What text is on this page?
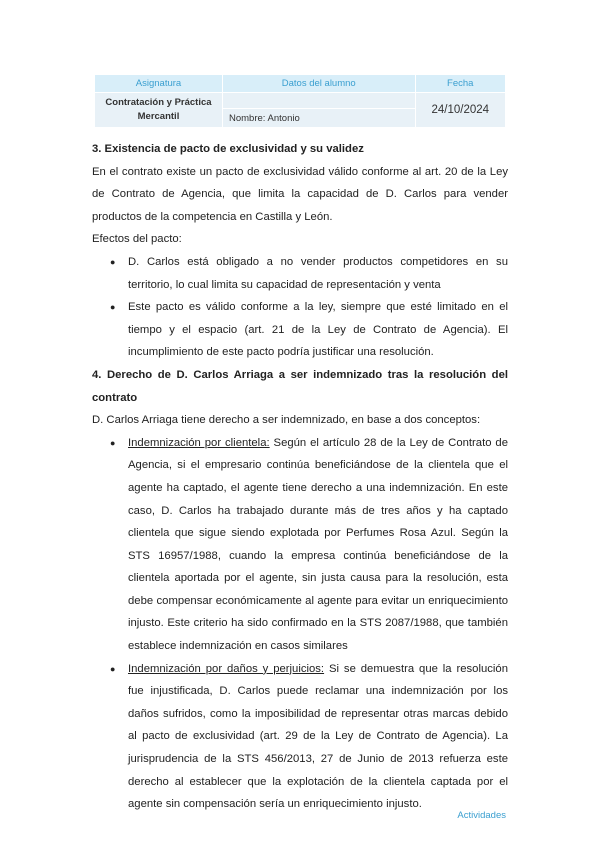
Asignatura	Datos del alumno	Fecha
Contratación y Práctica Mercantil		24/10/2024
	Nombre: Antonio	

3. Existencia de pacto de exclusividad y su validez

En el contrato existe un pacto de exclusividad válido conforme al art. 20 de la Ley de Contrato de Agencia, que limita la capacidad de D. Carlos para vender productos de la competencia en Castilla y León.

Efectos del pacto:

● D. Carlos está obligado a no vender productos competidores en su territorio, lo cual limita su capacidad de representación y venta
● Este pacto es válido conforme a la ley, siempre que esté limitado en el tiempo y el espacio (art. 21 de la Ley de Contrato de Agencia). El incumplimiento de este pacto podría justificar una resolución.

4. Derecho de D. Carlos Arriaga a ser indemnizado tras la resolución del contrato

D. Carlos Arriaga tiene derecho a ser indemnizado, en base a dos conceptos:

● Indemnización por clientela: Según el artículo 28 de la Ley de Contrato de Agencia, si el empresario continúa beneficiándose de la clientela que el agente ha captado, el agente tiene derecho a una indemnización. En este caso, D. Carlos ha trabajado durante más de tres años y ha captado clientela que sigue siendo explotada por Perfumes Rosa Azul. Según la STS 16957/1988, cuando la empresa continúa beneficiándose de la clientela aportada por el agente, sin justa causa para la resolución, esta debe compensar económicamente al agente para evitar un enriquecimiento injusto. Este criterio ha sido confirmado en la STS 2087/1988, que también establece indemnización en casos similares
● Indemnización por daños y perjuicios: Si se demuestra que la resolución fue injustificada, D. Carlos puede reclamar una indemnización por los daños sufridos, como la imposibilidad de representar otras marcas debido al pacto de exclusividad (art. 29 de la Ley de Contrato de Agencia). La jurisprudencia de la STS 456/2013, 27 de Junio de 2013 refuerza este derecho al establecer que la explotación de la clientela captada por el agente sin compensación sería un enriquecimiento injusto.
Actividades
